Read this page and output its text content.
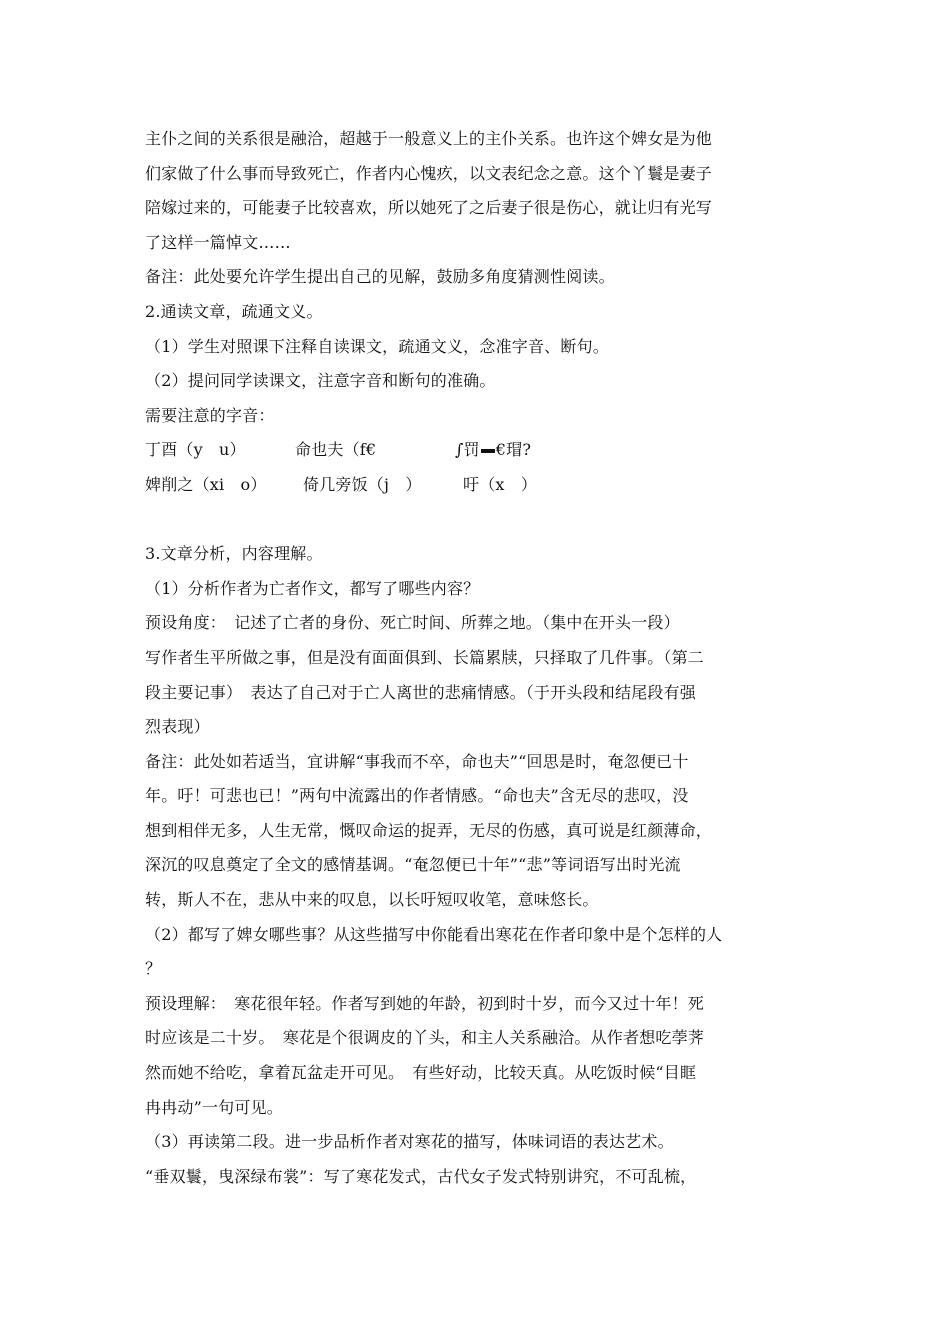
主仆之间的关系很是融洽，超越于一般意义上的主仆关系。也许这个婢女是为他
们家做了什么事而导致死亡，作者内心愧疚，以文表纪念之意。这个丫鬟是妻子
陪嫁过来的，可能妻子比较喜欢，所以她死了之后妻子很是伤心，就让归有光写
了这样一篇悼文……
备注：此处要允许学生提出自己的见解，鼓励多角度猜测性阅读。
2.通读文章，疏通文义。
（1）学生对照课下注释自读课文，疏通文义，念准字音、断句。
（2）提问同学读课文，注意字音和断句的准确。
需要注意的字音：
丁酉（y　u）	命也夫（f€	∫罚 €瑁?
婢削之（xi　o） 倚几旁饭（j　）	吁（x　）
3.文章分析，内容理解。
（1）分析作者为亡者作文，都写了哪些内容？
预设角度：　记述了亡者的身份、死亡时间、所葬之地。（集中在开头一段）
写作者生平所做之事，但是没有面面俱到、长篇累牍，只择取了几件事。（第二
段主要记事）　表达了自己对于亡人离世的悲痛情感。（于开头段和结尾段有强
烈表现）
备注：此处如若适当，宜讲解“事我而不卒，命也夫”“回思是时，奄忽便已十
年。吁！可悲也已！”两句中流露出的作者情感。“命也夫”含无尽的悲叹，没
想到相伴无多，人生无常，慨叹命运的捉弄，无尽的伤感，真可说是红颜薄命，
深沉的叹息奠定了全文的感情基调。“奄忽便已十年”“悲”等词语写出时光流
转，斯人不在，悲从中来的叹息，以长吁短叹收笔，意味悠长。
（2）都写了婢女哪些事？从这些描写中你能看出寒花在作者印象中是个怎样的人
？
预设理解：　寒花很年轻。作者写到她的年龄，初到时十岁，而今又过十年！死
时应该是二十岁。　寒花是个很调皮的丫头，和主人关系融洽。从作者想吃荸荠
然而她不给吃，拿着瓦盆走开可见。　有些好动，比较天真。从吃饭时候“目眶
冉冉动”一句可见。
（3）再读第二段。进一步品析作者对寒花的描写，体味词语的表达艺术。
“垂双鬟，曳深绿布裳”：写了寒花发式，古代女子发式特别讲究，不可乱梳，
